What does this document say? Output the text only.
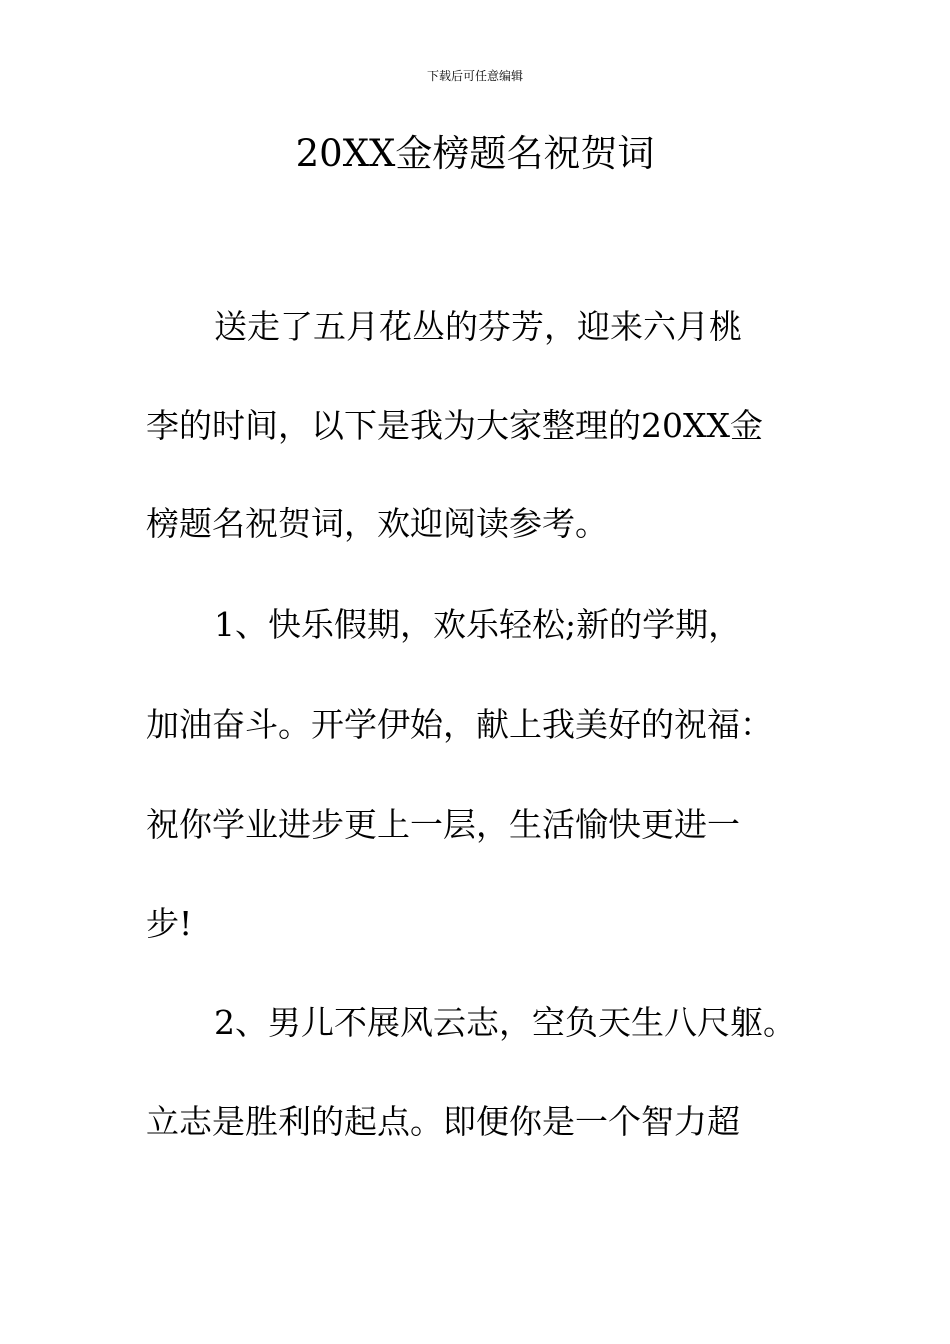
下载后可任意编辑
20XX金榜题名祝贺词
送走了五月花丛的芬芳，迎来六月桃
李的时间，以下是我为大家整理的20XX金
榜题名祝贺词，欢迎阅读参考。
1、快乐假期，欢乐轻松;新的学期，
加油奋斗。开学伊始，献上我美好的祝福：
祝你学业进步更上一层，生活愉快更进一
步!
2、男儿不展风云志，空负天生八尺躯。
立志是胜利的起点。即便你是一个智力超
